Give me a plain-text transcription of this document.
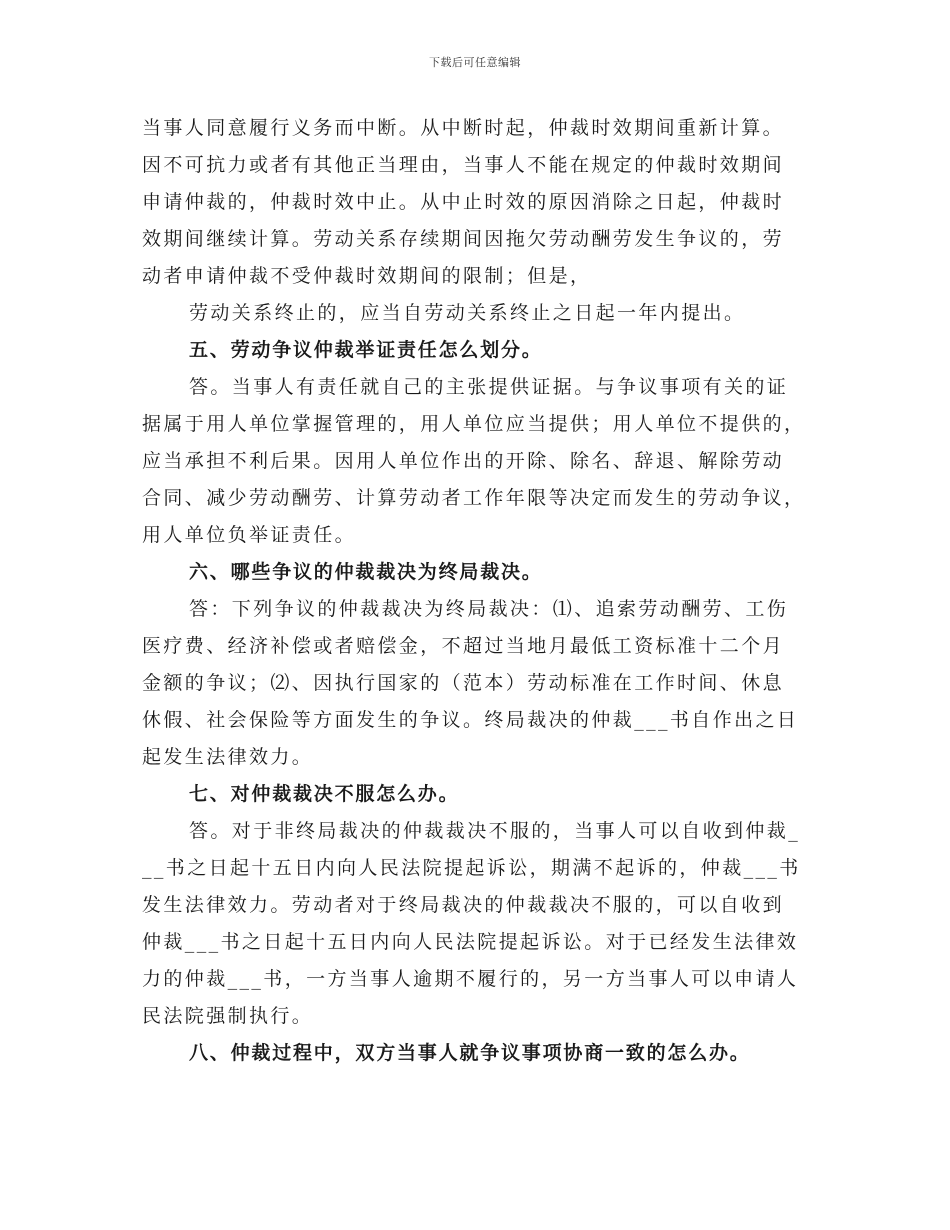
下载后可任意编辑
当事人同意履行义务而中断。从中断时起，仲裁时效期间重新计算。
因不可抗力或者有其他正当理由，当事人不能在规定的仲裁时效期间
申请仲裁的，仲裁时效中止。从中止时效的原因消除之日起，仲裁时
效期间继续计算。劳动关系存续期间因拖欠劳动酬劳发生争议的，劳
动者申请仲裁不受仲裁时效期间的限制；但是，
劳动关系终止的，应当自劳动关系终止之日起一年内提出。
五、劳动争议仲裁举证责任怎么划分。
答。当事人有责任就自己的主张提供证据。与争议事项有关的证
据属于用人单位掌握管理的，用人单位应当提供；用人单位不提供的，
应当承担不利后果。因用人单位作出的开除、除名、辞退、解除劳动
合同、减少劳动酬劳、计算劳动者工作年限等决定而发生的劳动争议，
用人单位负举证责任。
六、哪些争议的仲裁裁决为终局裁决。
答：下列争议的仲裁裁决为终局裁决：⑴、追索劳动酬劳、工伤
医疗费、经济补偿或者赔偿金，不超过当地月最低工资标准十二个月
金额的争议；⑵、因执行国家的（范本）劳动标准在工作时间、休息
休假、社会保险等方面发生的争议。终局裁决的仲裁___书自作出之日
起发生法律效力。
七、对仲裁裁决不服怎么办。
答。对于非终局裁决的仲裁裁决不服的，当事人可以自收到仲裁_
__书之日起十五日内向人民法院提起诉讼，期满不起诉的，仲裁___书
发生法律效力。劳动者对于终局裁决的仲裁裁决不服的，可以自收到
仲裁___书之日起十五日内向人民法院提起诉讼。对于已经发生法律效
力的仲裁___书，一方当事人逾期不履行的，另一方当事人可以申请人
民法院强制执行。
八、仲裁过程中，双方当事人就争议事项协商一致的怎么办。
